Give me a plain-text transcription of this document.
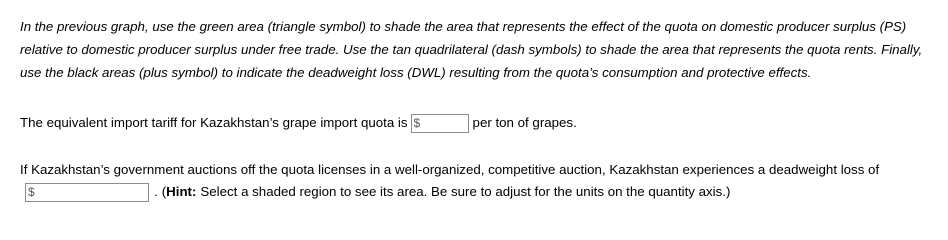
In the previous graph, use the green area (triangle symbol) to shade the area that represents the effect of the quota on domestic producer surplus (PS) relative to domestic producer surplus under free trade. Use the tan quadrilateral (dash symbols) to shade the area that represents the quota rents. Finally, use the black areas (plus symbol) to indicate the deadweight loss (DWL) resulting from the quota’s consumption and protective effects.

The equivalent import tariff for Kazakhstan’s grape import quota is $	per ton of grapes.
If Kazakhstan’s government auctions off the quota licenses in a well-organized, competitive auction, Kazakhstan experiences a deadweight loss of
$	. ( Hint: Select a shaded region to see its area. Be sure to adjust for the units on the quantity axis.)
